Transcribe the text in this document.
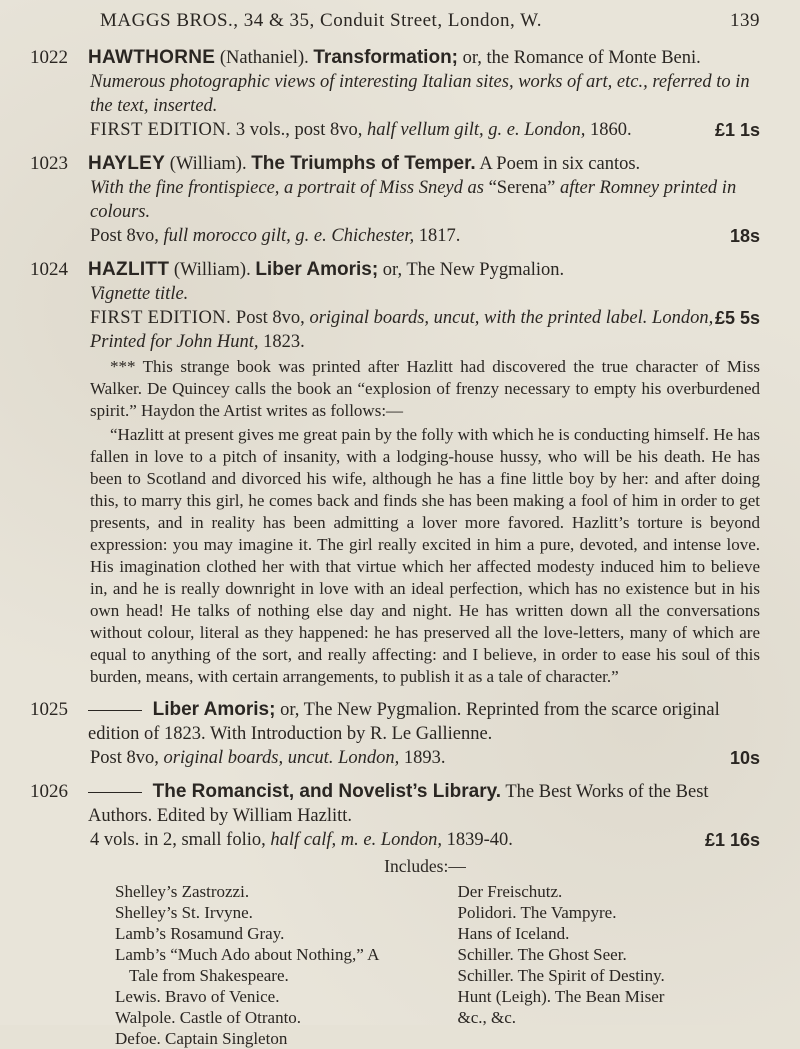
MAGGS BROS., 34 & 35, Conduit Street, London, W.	139
1022	HAWTHORNE (Nathaniel). Transformation; or, the Romance of Monte Beni.
Numerous photographic views of interesting Italian sites, works of art, etc., referred to in the text, inserted.
FIRST EDITION. 3 vols., post 8vo, half vellum gilt, g. e. London, 1860.	£1 1s
1023	HAYLEY (William). The Triumphs of Temper. A Poem in six cantos.
With the fine frontispiece, a portrait of Miss Sneyd as “Serena” after Romney printed in colours.
Post 8vo, full morocco gilt, g. e. Chichester, 1817.	18s
1024	HAZLITT (William). Liber Amoris; or, The New Pygmalion.
Vignette title.
FIRST EDITION. Post 8vo, original boards, uncut, with the printed label. London, Printed for John Hunt, 1823.
£5 5s

*** This strange book was printed after Hazlitt had discovered the true character of Miss Walker. De Quincey calls the book an “explosion of frenzy necessary to empty his overburdened spirit.” Haydon the Artist writes as follows:—

“Hazlitt at present gives me great pain by the folly with which he is conducting himself. He has fallen in love to a pitch of insanity, with a lodging-house hussy, who will be his death. He has been to Scotland and divorced his wife, although he has a fine little boy by her: and after doing this, to marry this girl, he comes back and finds she has been making a fool of him in order to get presents, and in reality has been admitting a lover more favored. Hazlitt’s torture is beyond expression: you may imagine it. The girl really excited in him a pure, devoted, and intense love. His imagination clothed her with that virtue which her affected modesty induced him to believe in, and he is really downright in love with an ideal perfection, which has no existence but in his own head! He talks of nothing else day and night. He has written down all the conversations without colour, literal as they happened: he has preserved all the love-letters, many of which are equal to anything of the sort, and really affecting: and I believe, in order to ease his soul of this burden, means, with certain arrangements, to publish it as a tale of character.”

1025	Liber Amoris; or, The New Pygmalion. Reprinted from the scarce original edition of 1823. With Introduction by R. Le Gallienne.
Post 8vo, original boards, uncut. London, 1893.	10s
1026	The Romancist, and Novelist’s Library. The Best Works of the Best Authors. Edited by William Hazlitt.
4 vols. in 2, small folio, half calf, m. e. London, 1839-40.	£1 16s
Includes:—
Shelley’s Zastrozzi.
Shelley’s St. Irvyne.
Lamb’s Rosamund Gray.
Lamb’s “Much Ado about Nothing,” A
Tale from Shakespeare.
Lewis. Bravo of Venice.
Walpole. Castle of Otranto.
Defoe. Captain Singleton
Der Freischutz.
Polidori. The Vampyre.
Hans of Iceland.
Schiller. The Ghost Seer.
Schiller. The Spirit of Destiny.
Hunt (Leigh). The Bean Miser
&c., &c.
